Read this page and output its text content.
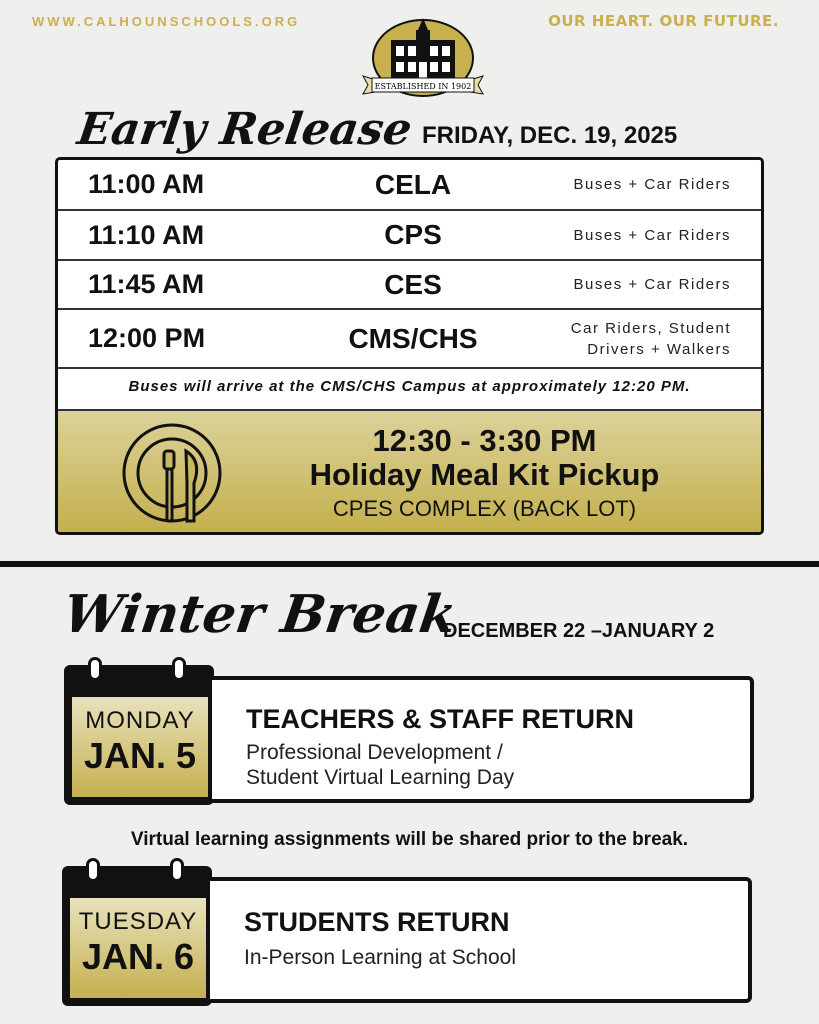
WWW.CALHOUNSCHOOLS.ORG	OUR HEART. OUR FUTURE.
ESTABLISHED IN 1902
Early Release FRIDAY, DEC. 19, 2025
11:00 AM	CELA	Buses + Car Riders
11:10 AM	CPS	Buses + Car Riders
11:45 AM	CES	Buses + Car Riders
12:00 PM	CMS/CHS	Car Riders, Student Drivers + Walkers
Buses will arrive at the CMS/CHS Campus at approximately 12:20 PM.
12:30 - 3:30 PM
Holiday Meal Kit Pickup
CPES COMPLEX (BACK LOT)
Winter Break
DECEMBER 22 –JANUARY 2
MONDAY
JAN. 5
TEACHERS & STAFF RETURN
Professional Development /
Student Virtual Learning Day
Virtual learning assignments will be shared prior to the break.
TUESDAY
JAN. 6
STUDENTS RETURN
In-Person Learning at School
